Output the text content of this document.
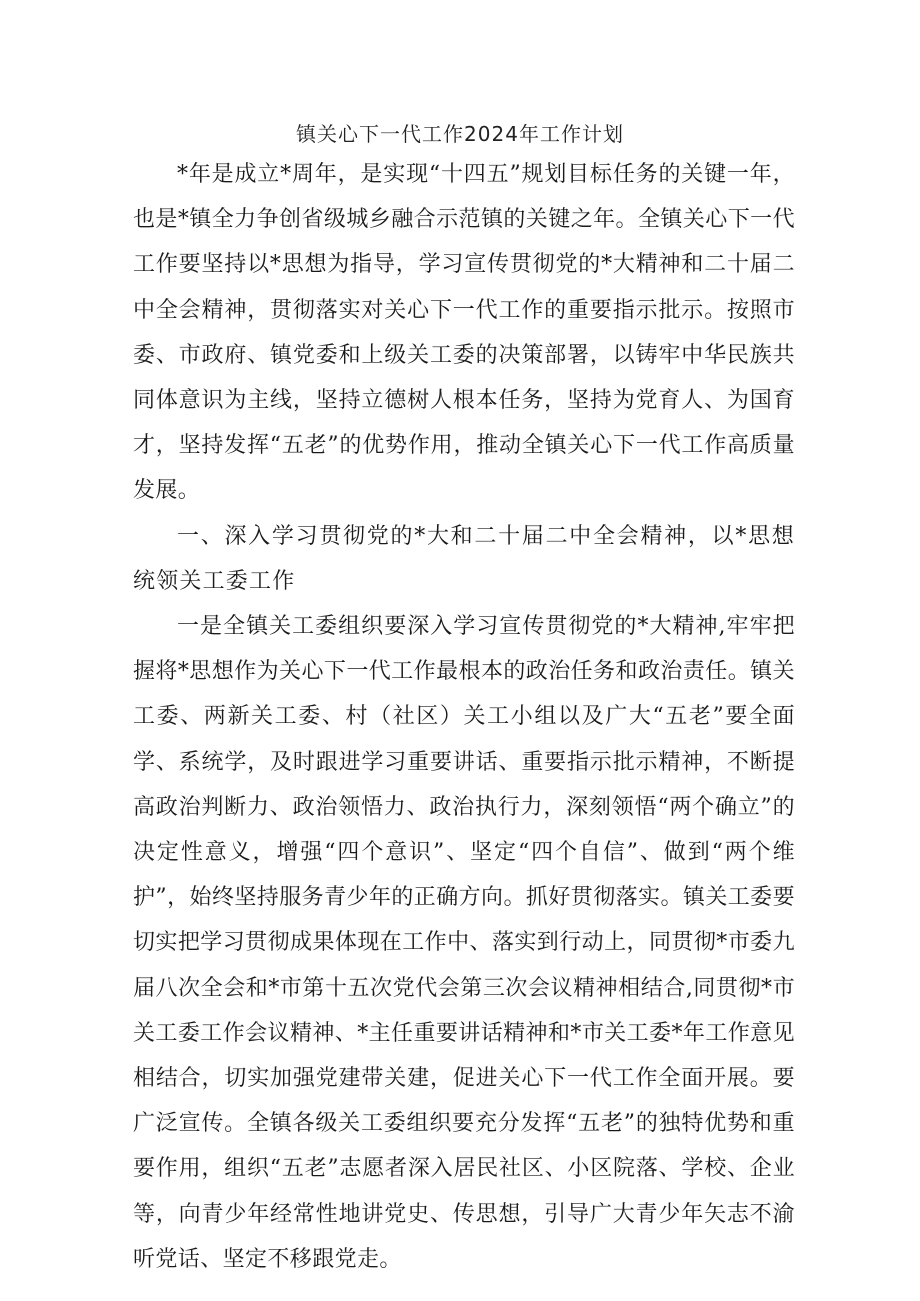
镇关心下一代工作2024年工作计划

*年是成立*周年，是实现“十四五”规划目标任务的关键一年，也是*镇全力争创省级城乡融合示范镇的关键之年。全镇关心下一代工作要坚持以*思想为指导，学习宣传贯彻党的*大精神和二十届二中全会精神，贯彻落实对关心下一代工作的重要指示批示。按照市委、市政府、镇党委和上级关工委的决策部署，以铸牢中华民族共同体意识为主线，坚持立德树人根本任务，坚持为党育人、为国育才，坚持发挥“五老”的优势作用，推动全镇关心下一代工作高质量发展。

一、深入学习贯彻党的*大和二十届二中全会精神，以*思想统领关工委工作

一是全镇关工委组织要深入学习宣传贯彻党的*大精神,牢牢把握将*思想作为关心下一代工作最根本的政治任务和政治责任。镇关工委、两新关工委、村（社区）关工小组以及广大“五老”要全面学、系统学，及时跟进学习重要讲话、重要指示批示精神，不断提高政治判断力、政治领悟力、政治执行力，深刻领悟“两个确立”的决定性意义，增强“四个意识”、坚定“四个自信”、做到“两个维护”，始终坚持服务青少年的正确方向。抓好贯彻落实。镇关工委要切实把学习贯彻成果体现在工作中、落实到行动上，同贯彻*市委九届八次全会和*市第十五次党代会第三次会议精神相结合,同贯彻*市关工委工作会议精神、*主任重要讲话精神和*市关工委*年工作意见相结合，切实加强党建带关建，促进关心下一代工作全面开展。要广泛宣传。全镇各级关工委组织要充分发挥“五老”的独特优势和重要作用，组织“五老”志愿者深入居民社区、小区院落、学校、企业等，向青少年经常性地讲党史、传思想，引导广大青少年矢志不渝听党话、坚定不移跟党走。
